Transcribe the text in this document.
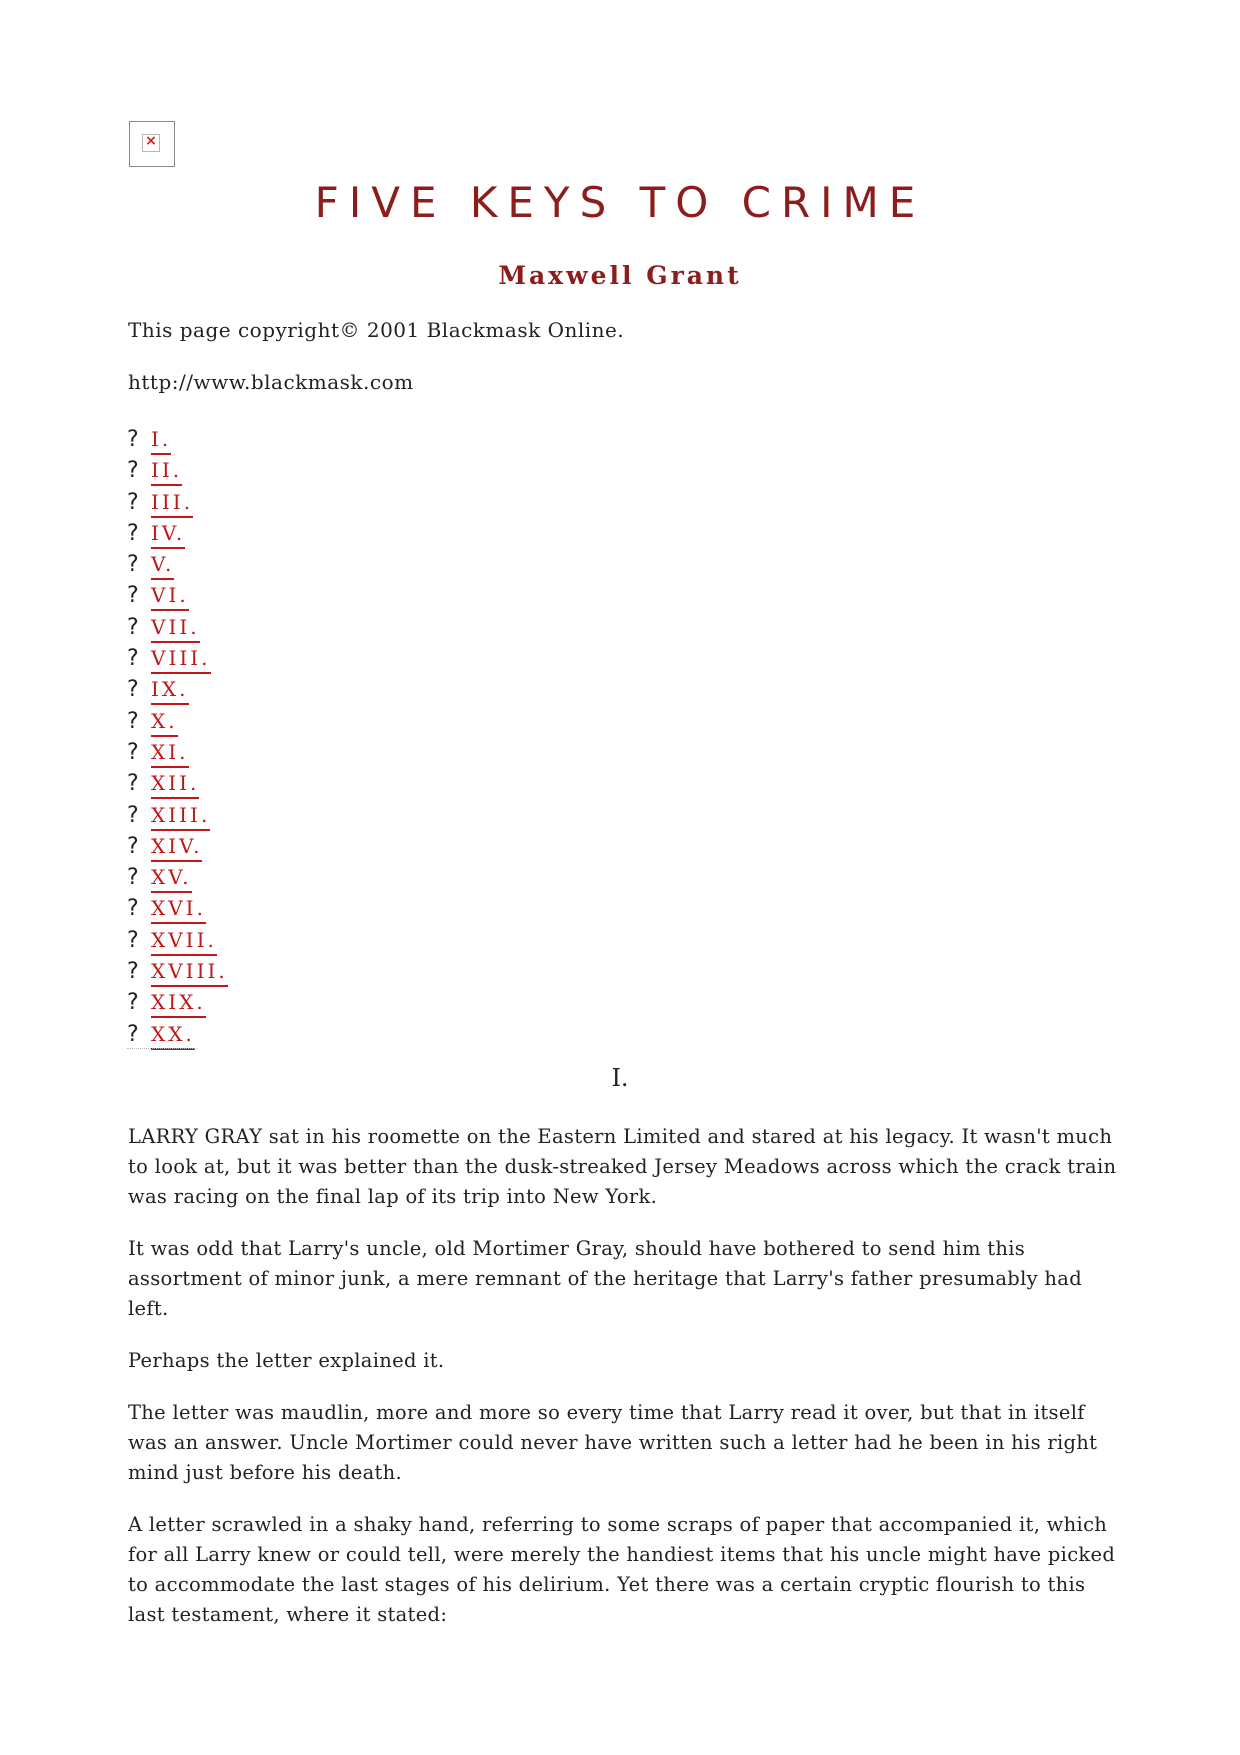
×
FIVE KEYS TO CRIME
Maxwell Grant

This page copyright© 2001 Blackmask Online.

http://www.blackmask.com

? I.
? II.
? III.
? IV.
? V.
? VI.
? VII.
? VIII.
? IX.
? X.
? XI.
? XII.
? XIII.
? XIV.
? XV.
? XVI.
? XVII.
? XVIII.
? XIX.
? XX.
I.

LARRY GRAY sat in his roomette on the Eastern Limited and stared at his legacy. It wasn't much to look at, but it was better than the dusk-streaked Jersey Meadows across which the crack train was racing on the final lap of its trip into New York.

It was odd that Larry's uncle, old Mortimer Gray, should have bothered to send him this assortment of minor junk, a mere remnant of the heritage that Larry's father presumably had left.

Perhaps the letter explained it.

The letter was maudlin, more and more so every time that Larry read it over, but that in itself was an answer. Uncle Mortimer could never have written such a letter had he been in his right mind just before his death.

A letter scrawled in a shaky hand, referring to some scraps of paper that accompanied it, which for all Larry knew or could tell, were merely the handiest items that his uncle might have picked to accommodate the last stages of his delirium. Yet there was a certain cryptic flourish to this last testament, where it stated:
